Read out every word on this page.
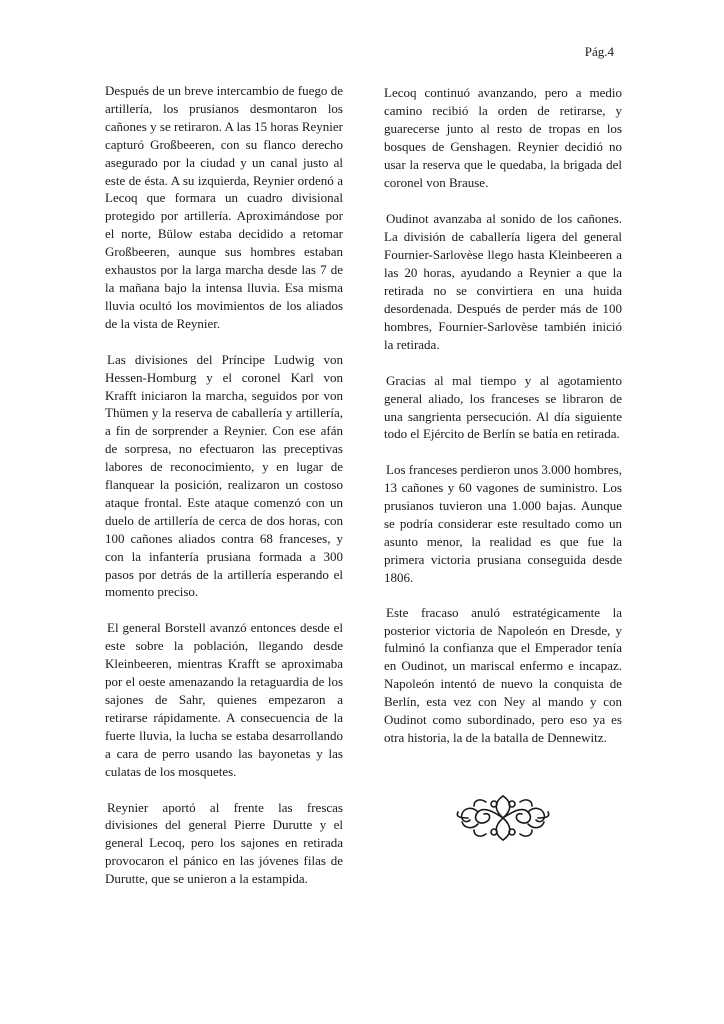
Pág.4

Después de un breve intercambio de fuego de artillería, los prusianos desmontaron los cañones y se retiraron. A las 15 horas Reynier capturó Großbeeren, con su flanco derecho asegurado por la ciudad y un canal justo al este de ésta. A su izquierda, Reynier ordenó a Lecoq que formara un cuadro divisional protegido por artillería. Aproximándose por el norte, Bülow estaba decidido a retomar Großbeeren, aunque sus hombres estaban exhaustos por la larga marcha desde las 7 de la mañana bajo la intensa lluvia. Esa misma lluvia ocultó los movimientos de los aliados de la vista de Reynier.

Las divisiones del Príncipe Ludwig von Hessen-Homburg y el coronel Karl von Krafft iniciaron la marcha, seguidos por von Thümen y la reserva de caballería y artillería, a fin de sorprender a Reynier. Con ese afán de sorpresa, no efectuaron las preceptivas labores de reconocimiento, y en lugar de flanquear la posición, realizaron un costoso ataque frontal. Este ataque comenzó con un duelo de artillería de cerca de dos horas, con 100 cañones aliados contra 68 franceses, y con la infantería prusiana formada a 300 pasos por detrás de la artillería esperando el momento preciso.

El general Borstell avanzó entonces desde el este sobre la población, llegando desde Kleinbeeren, mientras Krafft se aproximaba por el oeste amenazando la retaguardia de los sajones de Sahr, quienes empezaron a retirarse rápidamente. A consecuencia de la fuerte lluvia, la lucha se estaba desarrollando a cara de perro usando las bayonetas y las culatas de los mosquetes.

Reynier aportó al frente las frescas divisiones del general Pierre Durutte y el general Lecoq, pero los sajones en retirada provocaron el pánico en las jóvenes filas de Durutte, que se unieron a la estampida.

Lecoq continuó avanzando, pero a medio camino recibió la orden de retirarse, y guarecerse junto al resto de tropas en los bosques de Genshagen. Reynier decidió no usar la reserva que le quedaba, la brigada del coronel von Brause.

Oudinot avanzaba al sonido de los cañones. La división de caballería ligera del general Fournier-Sarlovèse llego hasta Kleinbeeren a las 20 horas, ayudando a Reynier a que la retirada no se convirtiera en una huida desordenada. Después de perder más de 100 hombres, Fournier-Sarlovèse también inició la retirada.

Gracias al mal tiempo y al agotamiento general aliado, los franceses se libraron de una sangrienta persecución. Al día siguiente todo el Ejército de Berlín se batía en retirada.

Los franceses perdieron unos 3.000 hombres, 13 cañones y 60 vagones de suministro. Los prusianos tuvieron una 1.000 bajas. Aunque se podría considerar este resultado como un asunto menor, la realidad es que fue la primera victoria prusiana conseguida desde 1806.

Este fracaso anuló estratégicamente la posterior victoria de Napoleón en Dresde, y fulminó la confianza que el Emperador tenía en Oudinot, un mariscal enfermo e incapaz. Napoleón intentó de nuevo la conquista de Berlín, esta vez con Ney al mando y con Oudinot como subordinado, pero eso ya es otra historia, la de la batalla de Dennewitz.
